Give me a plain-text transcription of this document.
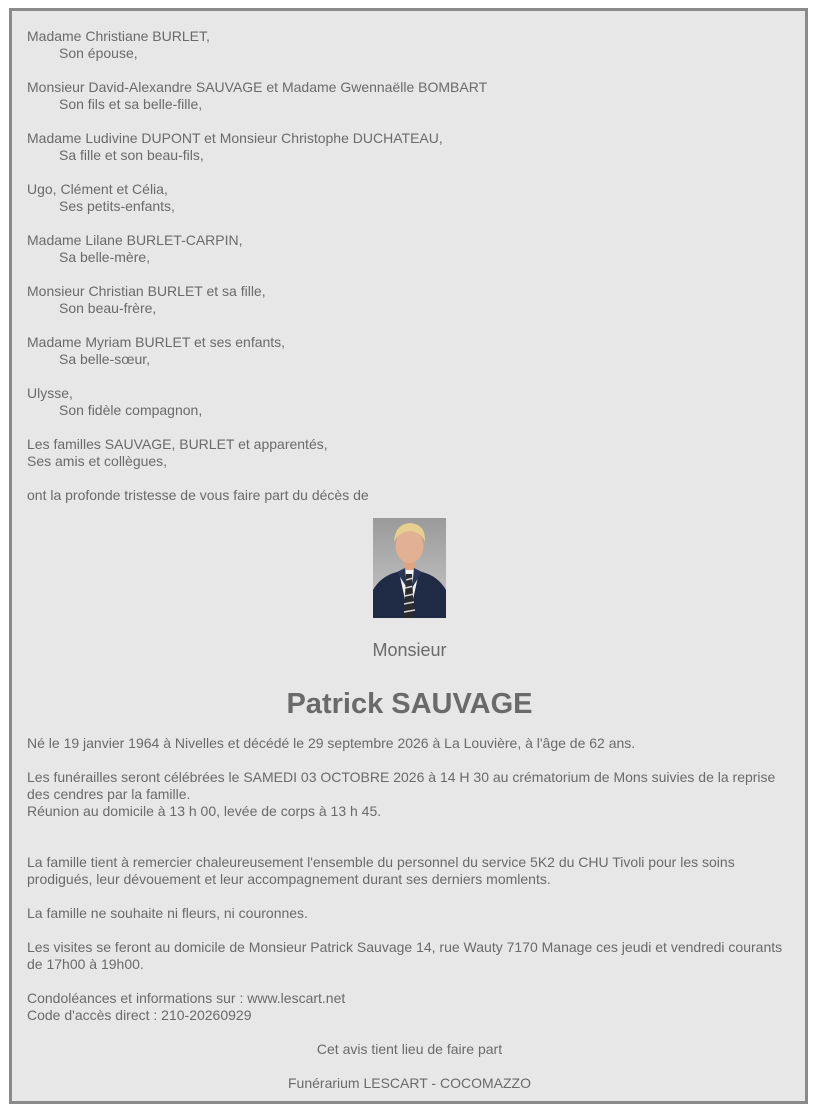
Madame Christiane BURLET,
Son épouse,
Monsieur David-Alexandre SAUVAGE et Madame Gwennaëlle BOMBART
Son fils et sa belle-fille,
Madame Ludivine DUPONT et Monsieur Christophe DUCHATEAU,
Sa fille et son beau-fils,
Ugo, Clément et Célia,
Ses petits-enfants,
Madame Lilane BURLET-CARPIN,
Sa belle-mère,
Monsieur Christian BURLET et sa fille,
Son beau-frère,
Madame Myriam BURLET et ses enfants,
Sa belle-sœur,
Ulysse,
Son fidèle compagnon,
Les familles SAUVAGE, BURLET et apparentés,
Ses amis et collègues,
ont la profonde tristesse de vous faire part du décès de
Monsieur
Patrick SAUVAGE
Né le 19 janvier 1964 à Nivelles et décédé le 29 septembre 2026 à La Louvière, à l'âge de 62 ans.
Les funérailles seront célébrées le SAMEDI 03 OCTOBRE 2026 à 14 H 30 au crématorium de Mons suivies de la reprise des cendres par la famille.
Réunion au domicile à 13 h 00, levée de corps à 13 h 45.
La famille tient à remercier chaleureusement l'ensemble du personnel du service 5K2 du CHU Tivoli pour les soins prodigués, leur dévouement et leur accompagnement durant ses derniers momlents.
La famille ne souhaite ni fleurs, ni couronnes.
Les visites se feront au domicile de Monsieur Patrick Sauvage 14, rue Wauty 7170 Manage ces jeudi et vendredi courants de 17h00 à 19h00.
Condoléances et informations sur : www.lescart.net
Code d'accès direct : 210-20260929
Cet avis tient lieu de faire part
Funérarium LESCART - COCOMAZZO
